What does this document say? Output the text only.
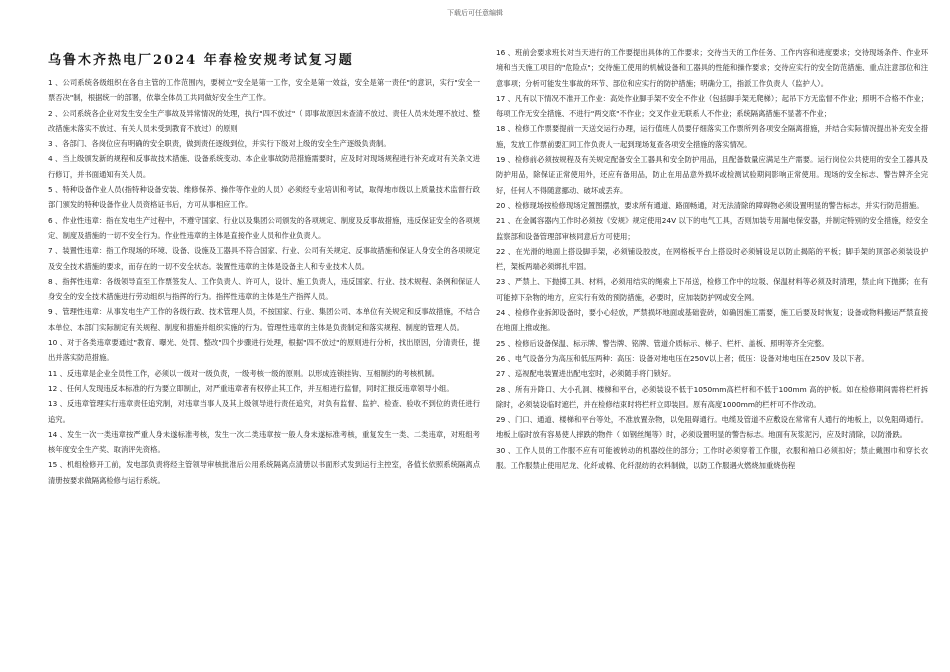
下载后可任意编辑
乌鲁木齐热电厂2024 年春检安规考试复习题

1 、公司系统各级组织在各自主管的工作范围内，要树立"安全是第一工作，安全是第一效益，安全是第一责任"的意识，实行"安全一票否决"制，根据统一的部署，依靠全体员工共同做好安全生产工作。

2 、公司系统各企业对发生安全生产事故及异常情况的处理，执行"四不放过"（ 即事故原因未查清不放过、责任人员未处理不放过、整改措施未落实不放过、有关人员未受到教育不放过）的原则

3 、各部门、各岗位应有明确的安全职责，做到责任逐级到位，并实行下级对上级的安全生产逐级负责制。

4 、当上级颁发新的规程和反事故技术措施、设备系统变动、本企业事故防范措施需要时，应及时对现场规程进行补充或对有关条文进行修订，并书面通知有关人员。

5 、特种设备作业人员(指特种设备安装、维修保养、操作等作业的人员）必须经专业培训和考试，取得地市级以上质量技术监督行政部门颁发的特种设备作业人员资格证书后，方可从事相应工作。

6 、作业性违章：指在发电生产过程中，不遵守国家、行业以及集团公司颁发的各项规定、制度及反事故措施，违反保证安全的各项规定、制度及措施的一切不安全行为。作业性违章的主体是直接作业人员和作业负责人。

7 、装置性违章：指工作现场的环境、设备、设施及工器具不符合国家、行业、公司有关规定、反事故措施和保证人身安全的各项规定及安全技术措施的要求，而存在的一切不安全状态。装置性违章的主体是设备主人和专业技术人员。

8 、指挥性违章：各级领导直至工作票签发人、工作负责人、许可人，设计、施工负责人，违反国家、行业、技术规程、条例和保证人身安全的安全技术措施进行劳动组织与指挥的行为。指挥性违章的主体是生产指挥人员。

9 、管理性违章：从事发电生产工作的各级行政、技术管理人员，不按国家、行业、集团公司、本单位有关规定和反事故措施，不结合本单位、本部门实际制定有关规程、制度和措施并组织实施的行为。管理性违章的主体是负责制定和落实规程、制度的管理人员。

10 、对于各类违章要通过"教育、曝光、处罚、整改"四个步骤进行处理，根据"四不放过"的原则进行分析，找出原因，分清责任，提出并落实防范措施。

11 、反违章是企业全员性工作，必须以一级对一级负责，一级考核一级的原则。以形成连锁挂钩、互相制约的考核机制。

12 、任何人发现违反本标准的行为要立即制止，对严重违章者有权停止其工作，并互相进行监督，同时汇报反违章领导小组。

13 、反违章管理实行违章责任追究制，对违章当事人及其上级领导进行责任追究，对负有监督、监护、检查、验收不到位的责任进行追究。

14 、发生一次一类违章按严重人身未遂标准考核，发生一次二类违章按一般人身未遂标准考核，重复发生一类、二类违章，对班组考核年度安全生产奖、取消评先资格。

15 、机组检修开工前，发电部负责将经主管领导审核批准后公用系统隔离点清册以书面形式发到运行主控室，各值长依照系统隔离点清册按要求做隔离检修与运行系统。

16 、班前会要求班长对当天进行的工作要提出具体的工作要求；交待当天的工作任务、工作内容和进度要求；交待现场条件、作业环境和当天施工项目的"危险点"；交待施工使用的机械设备和工器具的性能和操作要求；交待应实行的安全防范措施、重点注意部位和注意事项；分析可能发生事故的环节、部位和应实行的防护措施；明确分工，指派工作负责人（监护人）。

17 、凡有以下情况不准开工作业：高处作业脚手架不安全不作业（包括脚手架无爬梯）；起吊下方无监督不作业；照明不合格不作业；每项工作无安全措施、不进行"两交底"不作业；交叉作业无联系人不作业；系统隔离措施不显著不作业；

18 、检修工作票要提前一天送交运行办理，运行值班人员要仔细落实工作票所列各项安全隔离措施，并结合实际情况提出补充安全措施，发放工作票前要汇同工作负责人一起到现场复查各项安全措施的落实情况。

19 、检修前必须按规程及有关规定配备安全工器具和安全防护用品，且配备数量应满足生产需要。运行岗位公共使用的安全工器具及防护用品，除保证正常使用外，还应有备用品，防止在用品意外损坏或检测试验期间影响正常使用。现场的安全标志、警告牌齐全完好，任何人不得随意挪动、破坏或丢弃。

20 、检修现场按检修现场定置图摆放，要求所有通道、路面畅通，对无法清除的障碍物必须设置明显的警告标志，并实行防范措施。

21 、在金属容器内工作时必须按《安规》规定使用24V 以下的电气工具，否则加装专用漏电保安器，并制定特别的安全措施，经安全监察部和设备管理部审核同意后方可使用；

22 、在光滑的地面上搭设脚手架，必须铺设胶皮，在网格板平台上搭设时必须铺设足以防止揭陷的平板；脚手架的顶部必须装设护栏，架板两端必须绑扎牢固。

23 、严禁上、下抛掷工具、材料，必须用结实的绳索上下吊送，检修工作中的垃圾、保温材料等必须及时清理，禁止向下抛掷；在有可能掉下杂物的地方，应实行有效的预防措施，必要时，应加装防护网或安全网。

24 、检修作业拆卸设备时，要小心轻放，严禁损坏地面或基础瓷砖，如确因施工需要，施工后要及时恢复；设备或物料搬运严禁直接在地面上推或拖。

25 、检修后设备保温、标示牌、警告牌、铭牌、管道介质标示、梯子、栏杆、盖板、照明等齐全完整。

26 、电气设备分为高压和低压两种：高压：设备对地电压在250V以上者；低压：设备对地电压在250V 及以下者。

27 、巡视配电装置进出配电室时，必须随手将门锁好。

28 、所有升降口、大小孔洞、楼梯和平台，必须装设不低于1050mm高栏杆和不低于100mm 高的护板。如在检修期间需将栏杆拆除时，必须装设临时遮拦，并在检修结束时将栏杆立即装回。原有高度1000mm的栏杆可不作改动。

29 、门口、通道、楼梯和平台等处，不准放置杂物，以免阻碍通行。电缆及管道不应敷设在常常有人通行的地板上，以免阻碍通行。地板上临时放有容易使人摔跌的物件（ 如钢丝绳等）时，必须设置明显的警告标志。地面有灰浆泥污，应及时清除，以防滑跌。

30 、工作人员的工作服不应有可能被转动的机器绞住的部分；工作时必须穿着工作服，衣服和袖口必须扣好；禁止戴围巾和穿长衣服。工作服禁止使用尼龙、化纤或棉、化纤混纺的衣料制做，以防工作服遇火燃烧加重烧伤程
